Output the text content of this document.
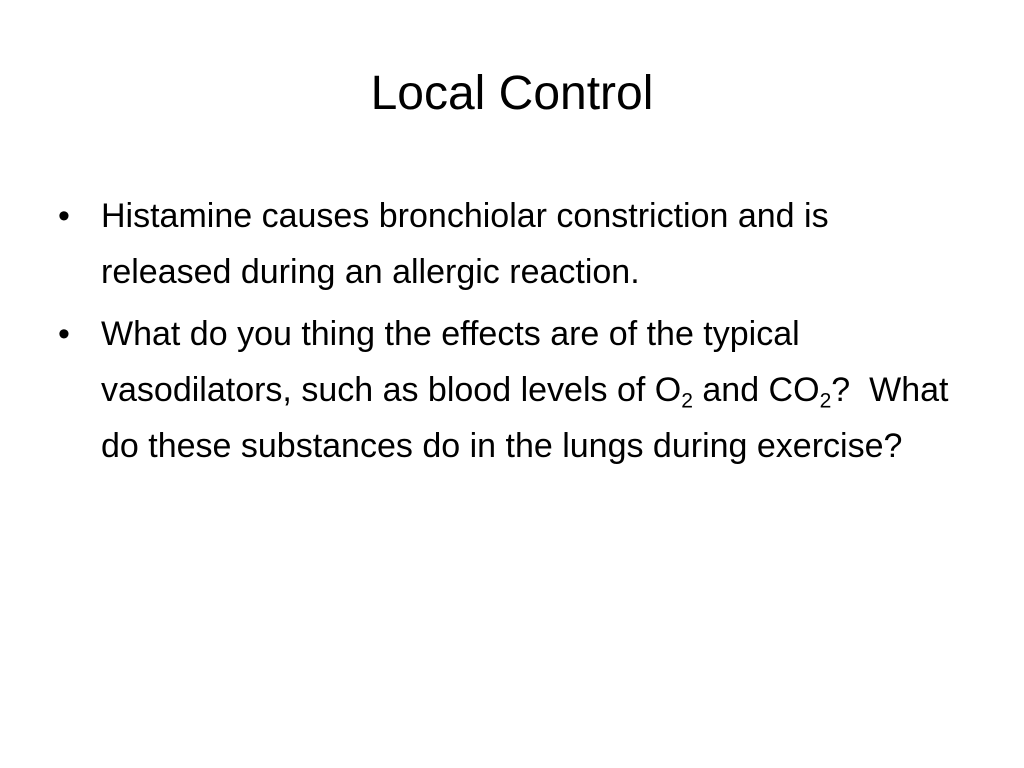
Local Control
• Histamine causes bronchiolar constriction and is released during an allergic reaction.
• What do you thing the effects are of the typical vasodilators, such as blood levels of $O_2$ and $CO_2$?  What do these substances do in the lungs during exercise?
